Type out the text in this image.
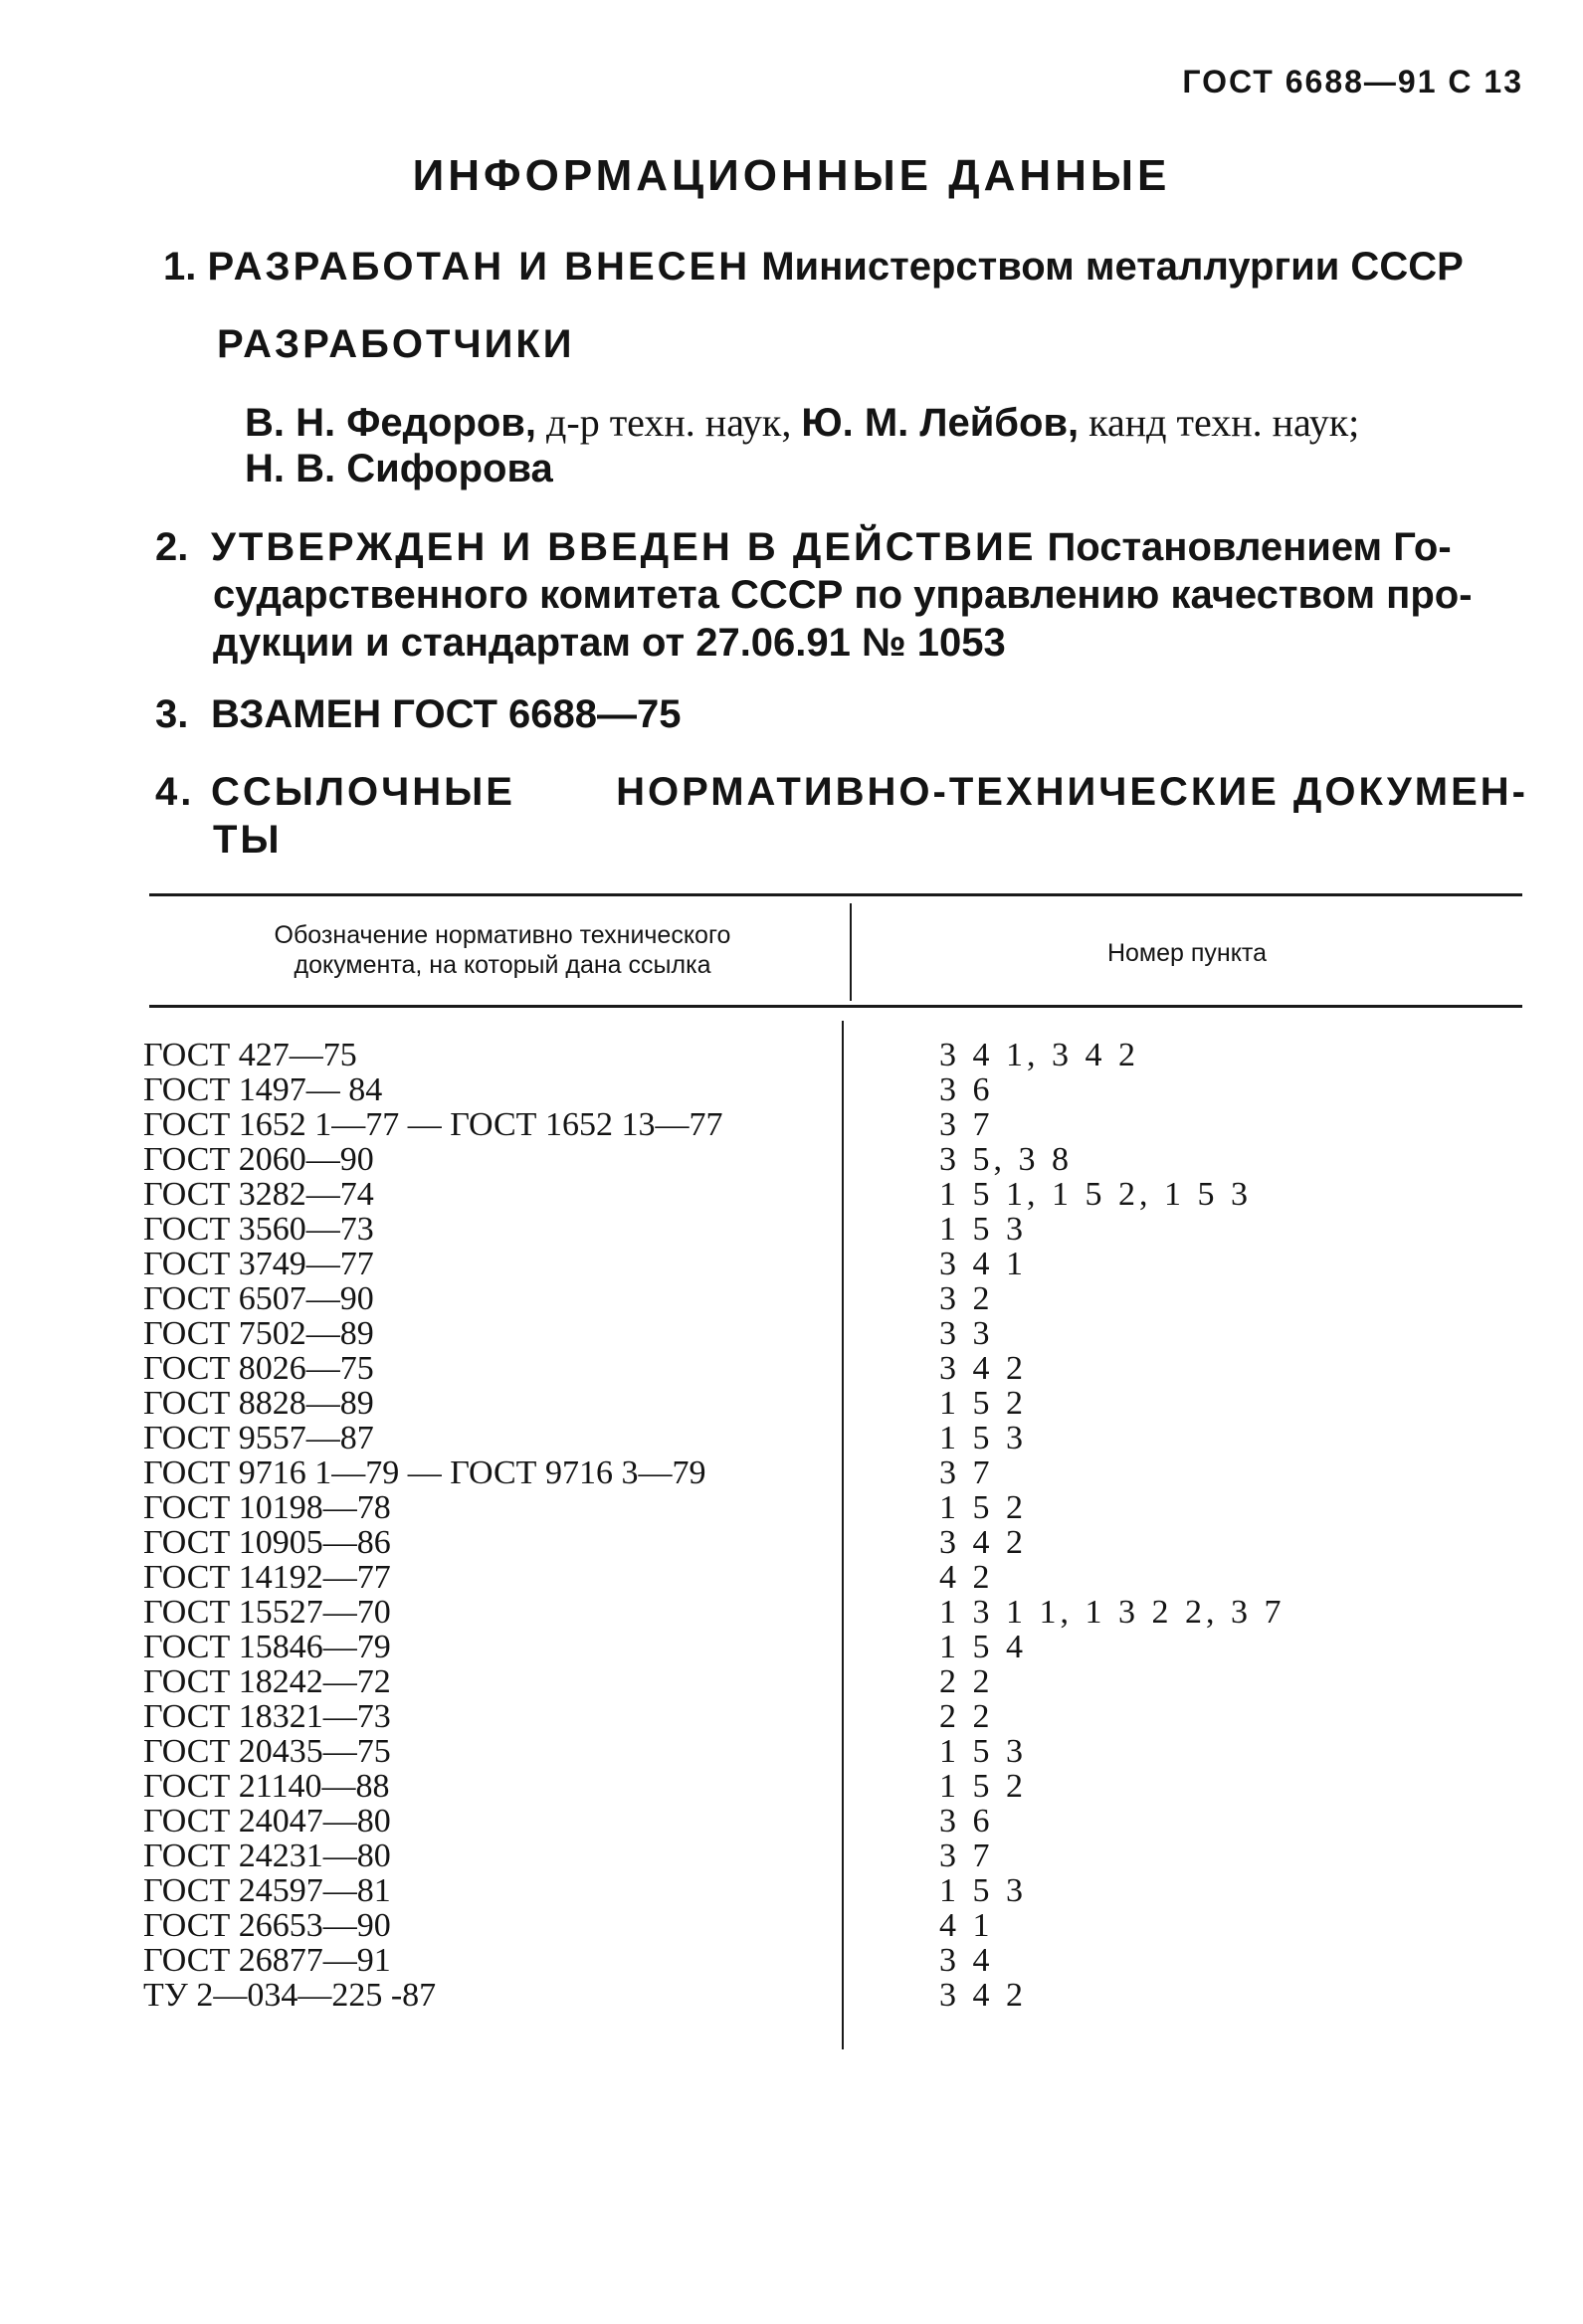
ГОСТ 6688—91 С 13
ИНФОРМАЦИОННЫЕ ДАННЫЕ
1. РАЗРАБОТАН И ВНЕСЕН Министерством металлургии СССР
РАЗРАБОТЧИКИ
В. Н. Федоров, д-р техн. наук, Ю. М. Лейбов, канд техн. наук;
Н. В. Сифорова
2. УТВЕРЖДЕН И ВВЕДЕН В ДЕЙСТВИЕ Постановлением Го-
сударственного комитета СССР по управлению качеством про-
дукции и стандартам от 27.06.91 № 1053
3. ВЗАМЕН ГОСТ 6688—75
4. ССЫЛОЧНЫЕ	НОРМАТИВНО-ТЕХНИЧЕСКИЕ ДОКУМЕН-
ТЫ
Обозначение нормативно технического
документа, на который дана ссылка	Номер пункта
ГОСТ 427—75	3 4 1, 3 4 2
ГОСТ 1497— 84	3 6
ГОСТ 1652 1—77 — ГОСТ 1652 13—77	3 7
ГОСТ 2060—90	3 5, 3 8
ГОСТ 3282—74	1 5 1, 1 5 2, 1 5 3
ГОСТ 3560—73	1 5 3
ГОСТ 3749—77	3 4 1
ГОСТ 6507—90	3 2
ГОСТ 7502—89	3 3
ГОСТ 8026—75	3 4 2
ГОСТ 8828—89	1 5 2
ГОСТ 9557—87	1 5 3
ГОСТ 9716 1—79 — ГОСТ 9716 3—79	3 7
ГОСТ 10198—78	1 5 2
ГОСТ 10905—86	3 4 2
ГОСТ 14192—77	4 2
ГОСТ 15527—70	1 3 1 1, 1 3 2 2, 3 7
ГОСТ 15846—79	1 5 4
ГОСТ 18242—72	2 2
ГОСТ 18321—73	2 2
ГОСТ 20435—75	1 5 3
ГОСТ 21140—88	1 5 2
ГОСТ 24047—80	3 6
ГОСТ 24231—80	3 7
ГОСТ 24597—81	1 5 3
ГОСТ 26653—90	4 1
ГОСТ 26877—91	3 4
ТУ 2—034—225 -87	3 4 2
